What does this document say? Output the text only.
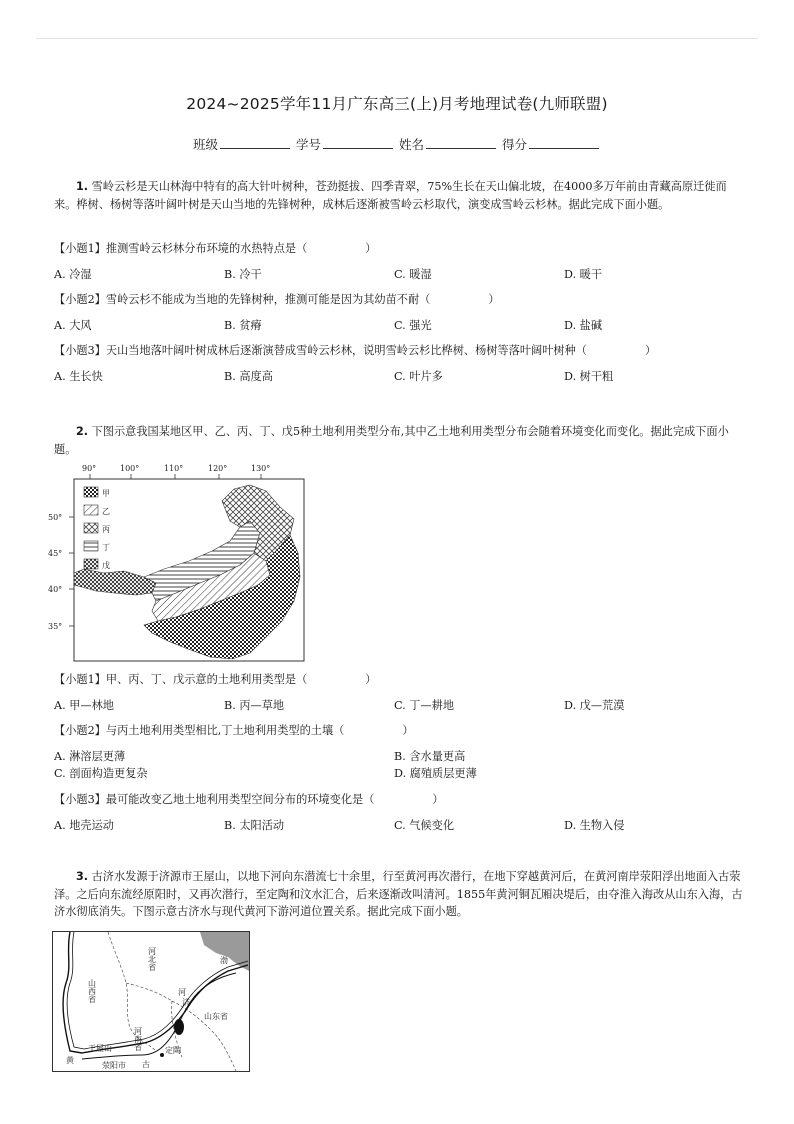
2024~2025学年11月广东高三(上)月考地理试卷(九师联盟)
班级	学号	姓名	得分
1. 雪岭云杉是天山林海中特有的高大针叶树种，苍劲挺拔、四季青翠，75%生长在天山偏北坡，在4000多万年前由青藏高原迁徙而来。桦树、杨树等落叶阔叶树是天山当地的先锋树种，成林后逐渐被雪岭云杉取代，演变成雪岭云杉林。据此完成下面小题。
【小题1】推测雪岭云杉林分布环境的水热特点是（	）
A. 冷湿	B. 冷干	C. 暖湿	D. 暖干
【小题2】雪岭云杉不能成为当地的先锋树种，推测可能是因为其幼苗不耐（	）
A. 大风	B. 贫瘠	C. 强光	D. 盐碱
【小题3】天山当地落叶阔叶树成林后逐渐演替成雪岭云杉林，说明雪岭云杉比桦树、杨树等落叶阔叶树种（	）
A. 生长快	B. 高度高	C. 叶片多	D. 树干粗
2. 下图示意我国某地区甲、乙、丙、丁、戊5种土地利用类型分布,其中乙土地利用类型分布会随着环境变化而变化。据此完成下面小题。
90°	100°	110°	120°	130°
50°
45°
40°
35°
甲
乙
丙
丁
戊
【小题1】甲、丙、丁、戊示意的土地利用类型是（	）
A. 甲—林地	B. 丙—草地	C. 丁—耕地	D. 戊—荒漠
【小题2】与丙土地利用类型相比,丁土地利用类型的土壤（	）
A. 淋溶层更薄	B. 含水量更高
C. 剖面构造更复杂	D. 腐殖质层更薄
【小题3】最可能改变乙地土地利用类型空间分布的环境变化是（	）
A. 地壳运动	B. 太阳活动	C. 气候变化	D. 生物入侵
3. 古济水发源于济源市王屋山，以地下河向东潜流七十余里，行至黄河再次潜行，在地下穿越黄河后，在黄河南岸荥阳浮出地面入古荥泽。之后向东流经原阳时，又再次潜行，至定陶和汶水汇合，后来逐渐改叫清河。1855年黄河铜瓦厢决堤后，由夺淮入海改从山东入海，古济水彻底消失。下图示意古济水与现代黄河下游河道位置关系。据此完成下面小题。
山西省
河北省
山东省
河南省
济
河
黄	古
定陶
荥阳市
王屋山
渤
